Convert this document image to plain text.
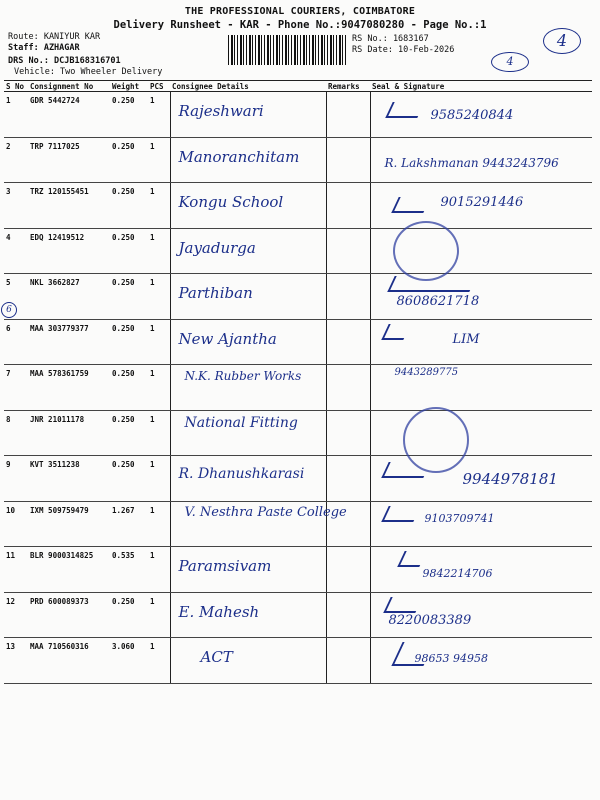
THE PROFESSIONAL COURIERS, COIMBATORE
Delivery Runsheet - KAR - Phone No.:9047080280 - Page No.:1
Route: KANIYUR KAR
Staff: AZHAGAR
DRS No.: DCJB168316701
Vehicle: Two Wheeler Delivery
RS No.: 1683167
RS Date: 10-Feb-2026	4
4
6
S No	Consignment No	Weight	PCS	Consignee Details	Remarks	Seal & Signature
1	GDR 5442724	0.250	1	Rajeshwari		9585240844

2	TRP 7117025	0.250	1	Manoranchitam		R. Lakshmanan 9443243796

3	TRZ 120155451	0.250	1	Kongu School		9015291446

4	EDQ 12419512	0.250	1	Jayadurga		

5	NKL 3662827	0.250	1	Parthiban		8608621718

6	MAA 303779377	0.250	1	New Ajantha		LIM

7	MAA 578361759	0.250	1	N.K. Rubber Works		9443289775

8	JNR 21011178	0.250	1	National Fitting		

9	KVT 3511238	0.250	1	R. Dhanushkarasi		9944978181

10	IXM 509759479	1.267	1	V. Nesthra Paste College		9103709741

11	BLR 9000314825	0.535	1	Paramsivam		9842214706

12	PRD 600089373	0.250	1	E. Mahesh		8220083389

13	MAA 710560316	3.060	1	ACT		98653 94958
